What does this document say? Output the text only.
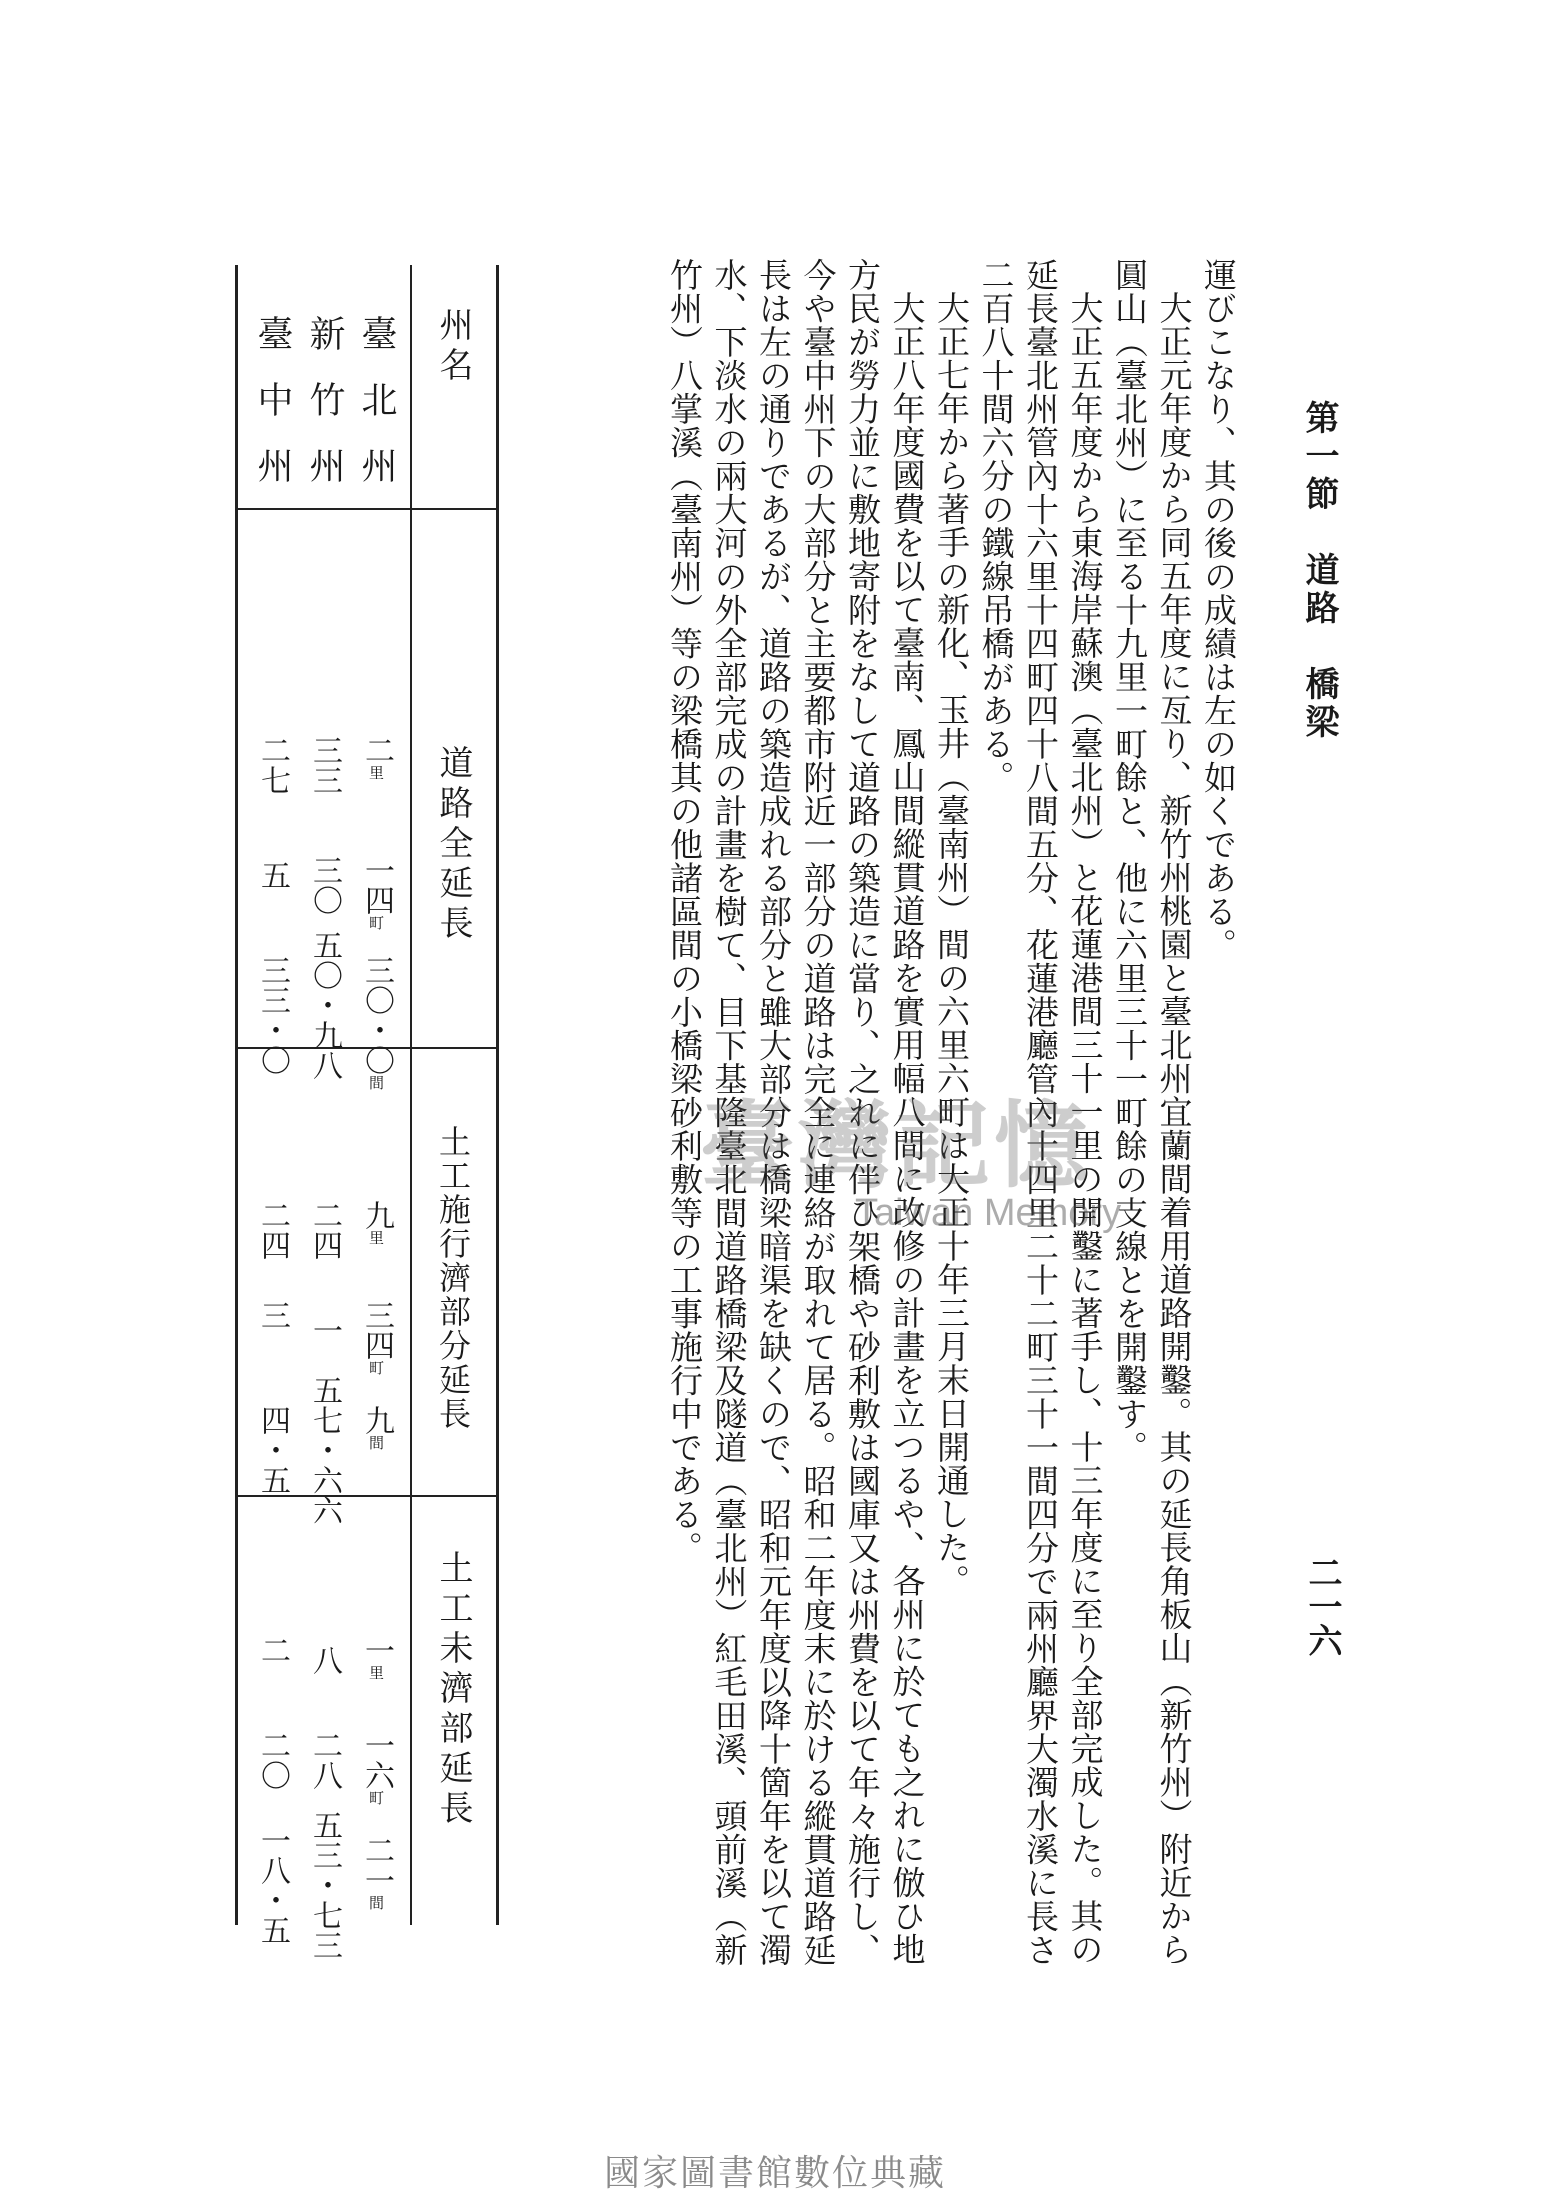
第一節　道路　橋梁
二一六

運びこなり、其の後の成績は左の如くである。

大正元年度から同五年度に亙り、新竹州桃園と臺北州宜蘭間着用道路開鑿。其の延長角板山（新竹州）附近から圓山（臺北州）に至る十九里一町餘と、他に六里三十一町餘の支線とを開鑿す。

大正五年度から東海岸蘇澳（臺北州）と花蓮港間三十一里の開鑿に著手し、十三年度に至り全部完成した。其の延長臺北州管內十六里十四町四十八間五分、花蓮港廳管內十四里二十二町三十一間四分で兩州廳界大濁水溪に長さ二百八十間六分の鐵線吊橋がある。

大正七年から著手の新化、玉井（臺南州）間の六里六町は大正十年三月末日開通した。

大正八年度國費を以て臺南、鳳山間縱貫道路を實用幅八間に改修の計畫を立つるや、各州に於ても之れに倣ひ地方民が勞力並に敷地寄附をなして道路の築造に當り、之れに伴ひ架橋や砂利敷は國庫又は州費を以て年々施行し、今や臺中州下の大部分と主要都市附近一部分の道路は完全に連絡が取れて居る。昭和二年度末に於ける縱貫道路延長は左の通りであるが、道路の築造成れる部分と雖大部分は橋梁暗渠を缺くので、昭和元年度以降十箇年を以て濁水、下淡水の兩大河の外全部完成の計畫を樹て、目下基隆臺北間道路橋梁及隧道（臺北州）紅毛田溪、頭前溪（新竹州）八掌溪（臺南州）等の梁橋其の他諸區間の小橋梁砂利敷等の工事施行中である。

臺灣記憶
Taiwan Memory
州名
道路全延長
土工施行濟部分延長
土工未濟部延長
臺北州
新竹州
臺中州
二$^里$
一四$^町$
三〇・〇$^間$
三三
三〇
五〇・九八
二七
五
三三・〇
九$^里$
三四$^町$
九$^間$
二四
一
五七・六六
二四
三
四・五
一$^里$
一六$^町$
二一$^間$
八
二八
五三・七三
二
二〇
一八・五
國家圖書館數位典藏
